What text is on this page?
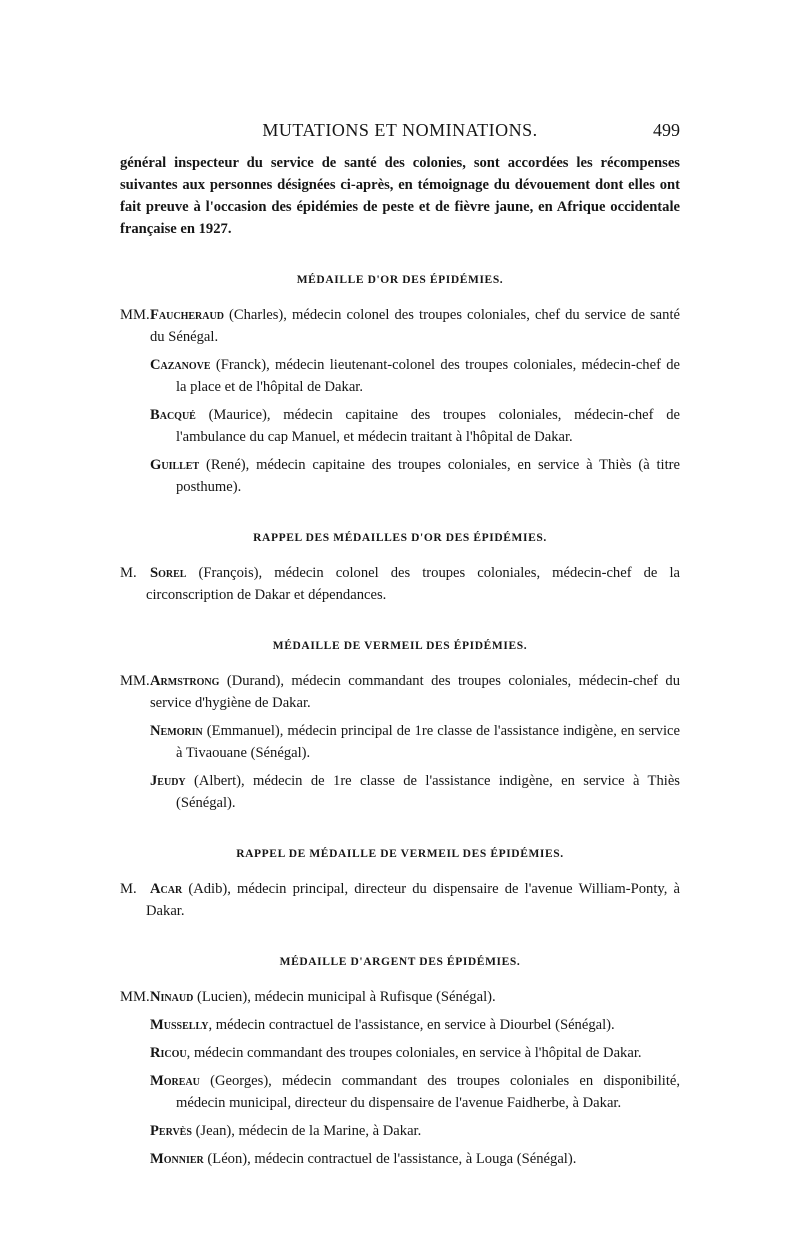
MUTATIONS ET NOMINATIONS.	499

général inspecteur du service de santé des colonies, sont accordées les récompenses suivantes aux personnes désignées ci-après, en témoignage du dévouement dont elles ont fait preuve à l'occasion des épidémies de peste et de fièvre jaune, en Afrique occidentale française en 1927.

MÉDAILLE D'OR DES ÉPIDÉMIES.

MM.Faucheraud (Charles), médecin colonel des troupes coloniales, chef du service de santé du Sénégal.

Cazanove (Franck), médecin lieutenant-colonel des troupes coloniales, médecin-chef de la place et de l'hôpital de Dakar.

Bacqué (Maurice), médecin capitaine des troupes coloniales, médecin-chef de l'ambulance du cap Manuel, et médecin traitant à l'hôpital de Dakar.

Guillet (René), médecin capitaine des troupes coloniales, en service à Thiès (à titre posthume).

RAPPEL DES MÉDAILLES D'OR DES ÉPIDÉMIES.

M. Sorel (François), médecin colonel des troupes coloniales, médecin-chef de la circonscription de Dakar et dépendances.

MÉDAILLE DE VERMEIL DES ÉPIDÉMIES.

MM.Armstrong (Durand), médecin commandant des troupes coloniales, médecin-chef du service d'hygiène de Dakar.

Nemorin (Emmanuel), médecin principal de 1re classe de l'assistance indigène, en service à Tivaouane (Sénégal).

Jeudy (Albert), médecin de 1re classe de l'assistance indigène, en service à Thiès (Sénégal).

RAPPEL DE MÉDAILLE DE VERMEIL DES ÉPIDÉMIES.

M. Acar (Adib), médecin principal, directeur du dispensaire de l'avenue William-Ponty, à Dakar.

MÉDAILLE D'ARGENT DES ÉPIDÉMIES.

MM.Ninaud (Lucien), médecin municipal à Rufisque (Sénégal).

Musselly, médecin contractuel de l'assistance, en service à Diourbel (Sénégal).

Ricou, médecin commandant des troupes coloniales, en service à l'hôpital de Dakar.

Moreau (Georges), médecin commandant des troupes coloniales en disponibilité, médecin municipal, directeur du dispensaire de l'avenue Faidherbe, à Dakar.

Pervès (Jean), médecin de la Marine, à Dakar.

Monnier (Léon), médecin contractuel de l'assistance, à Louga (Sénégal).
